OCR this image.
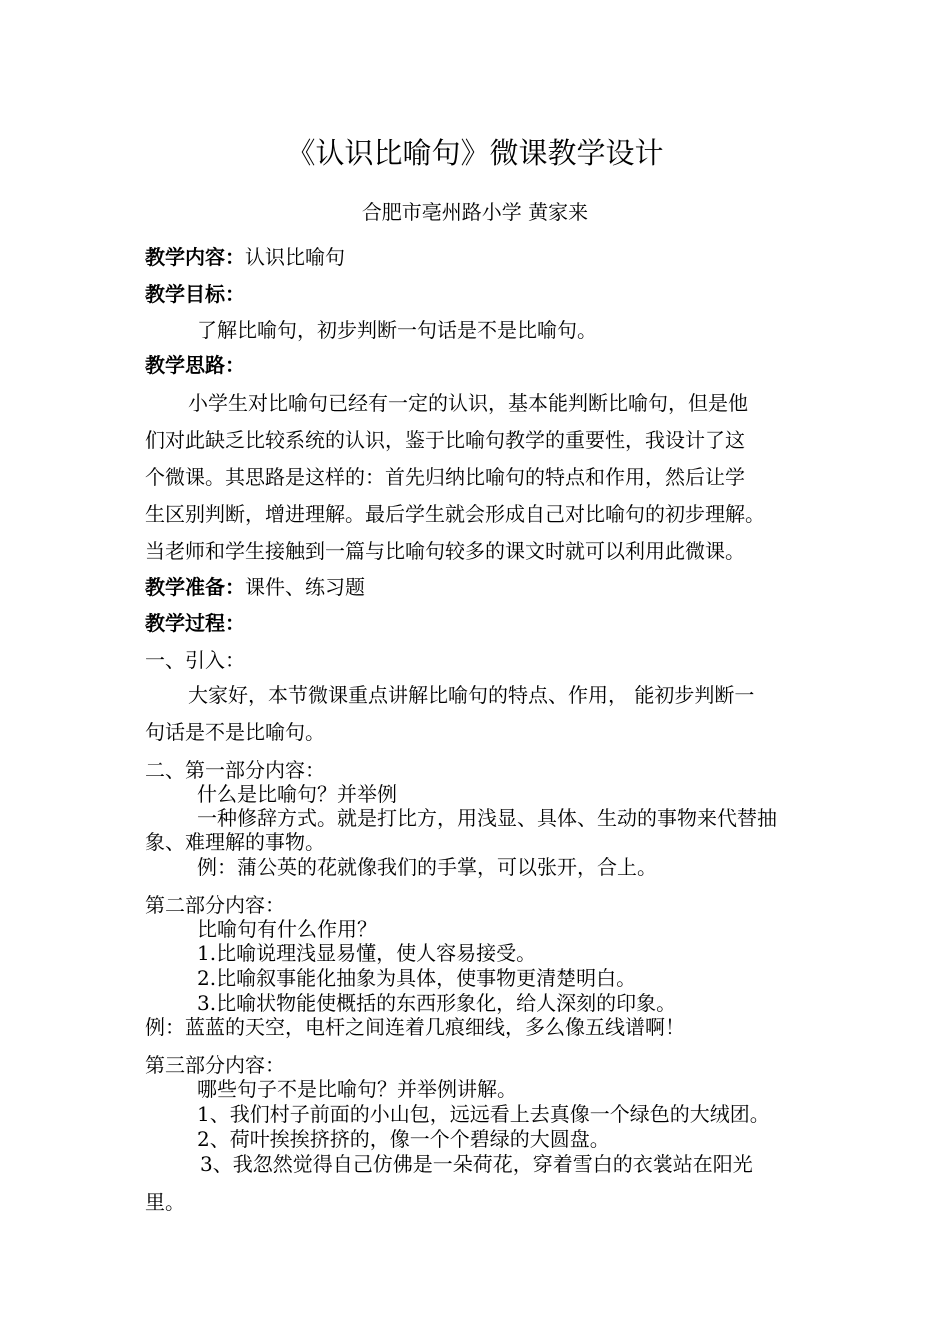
《认识比喻句》微课教学设计
合肥市亳州路小学 黄家来
教学内容：认识比喻句
教学目标：
了解比喻句，初步判断一句话是不是比喻句。
教学思路：
小学生对比喻句已经有一定的认识，基本能判断比喻句，但是他
们对此缺乏比较系统的认识，鉴于比喻句教学的重要性，我设计了这
个微课。其思路是这样的：首先归纳比喻句的特点和作用，然后让学
生区别判断，增进理解。最后学生就会形成自己对比喻句的初步理解。
当老师和学生接触到一篇与比喻句较多的课文时就可以利用此微课。
教学准备：课件、练习题
教学过程：
一、引入：
大家好，本节微课重点讲解比喻句的特点、作用， 能初步判断一
句话是不是比喻句。
二、第一部分内容：
什么是比喻句？并举例
一种修辞方式。就是打比方，用浅显、具体、生动的事物来代替抽
象、难理解的事物。
例：蒲公英的花就像我们的手掌，可以张开，合上。
第二部分内容：
比喻句有什么作用？
1.比喻说理浅显易懂，使人容易接受。
2.比喻叙事能化抽象为具体，使事物更清楚明白。
3.比喻状物能使概括的东西形象化，给人深刻的印象。
例：蓝蓝的天空，电杆之间连着几痕细线，多么像五线谱啊！
第三部分内容：
哪些句子不是比喻句？并举例讲解。
1、我们村子前面的小山包，远远看上去真像一个绿色的大绒团。
2、荷叶挨挨挤挤的，像一个个碧绿的大圆盘。
3、我忽然觉得自己仿佛是一朵荷花，穿着雪白的衣裳站在阳光
里。
